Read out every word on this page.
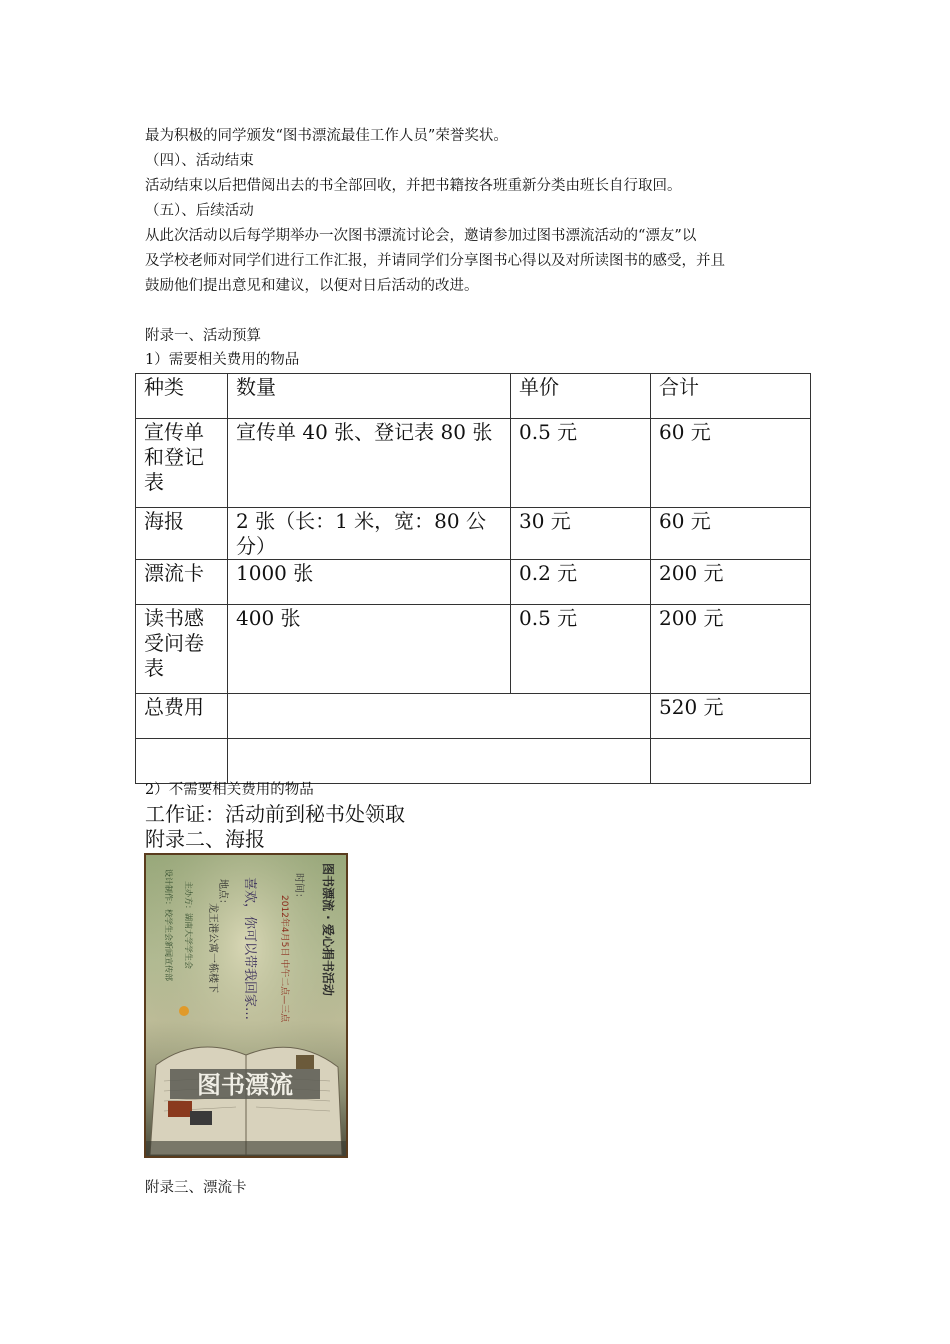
最为积极的同学颁发“图书漂流最佳工作人员”荣誉奖状。
（四）、活动结束
活动结束以后把借阅出去的书全部回收，并把书籍按各班重新分类由班长自行取回。
（五）、后续活动
从此次活动以后每学期举办一次图书漂流讨论会，邀请参加过图书漂流活动的“漂友”以
及学校老师对同学们进行工作汇报，并请同学们分享图书心得以及对所读图书的感受，并且
鼓励他们提出意见和建议，以便对日后活动的改进。
附录一、活动预算
1）需要相关费用的物品
种类	数量	单价	合计
宣传单和登记表	宣传单 40 张、登记表 80 张	0.5 元	60 元
海报	2 张（长：1 米，宽：80 公分）	30 元	60 元
漂流卡	1000 张	0.2 元	200 元
读书感受问卷表	400 张	0.5 元	200 元
总费用			520 元

2）不需要相关费用的物品
工作证：活动前到秘书处领取
附录二、海报
图书漂流 · 爱心捐书活动
时间：
2012年4月5日 中午二点—三点
喜欢，你可以带我回家…
地点：
龙王港公寓一栋楼下
主办方：湖南大学学生会
设计制作：校学生会新闻宣传部
图书漂流
附录三、漂流卡
